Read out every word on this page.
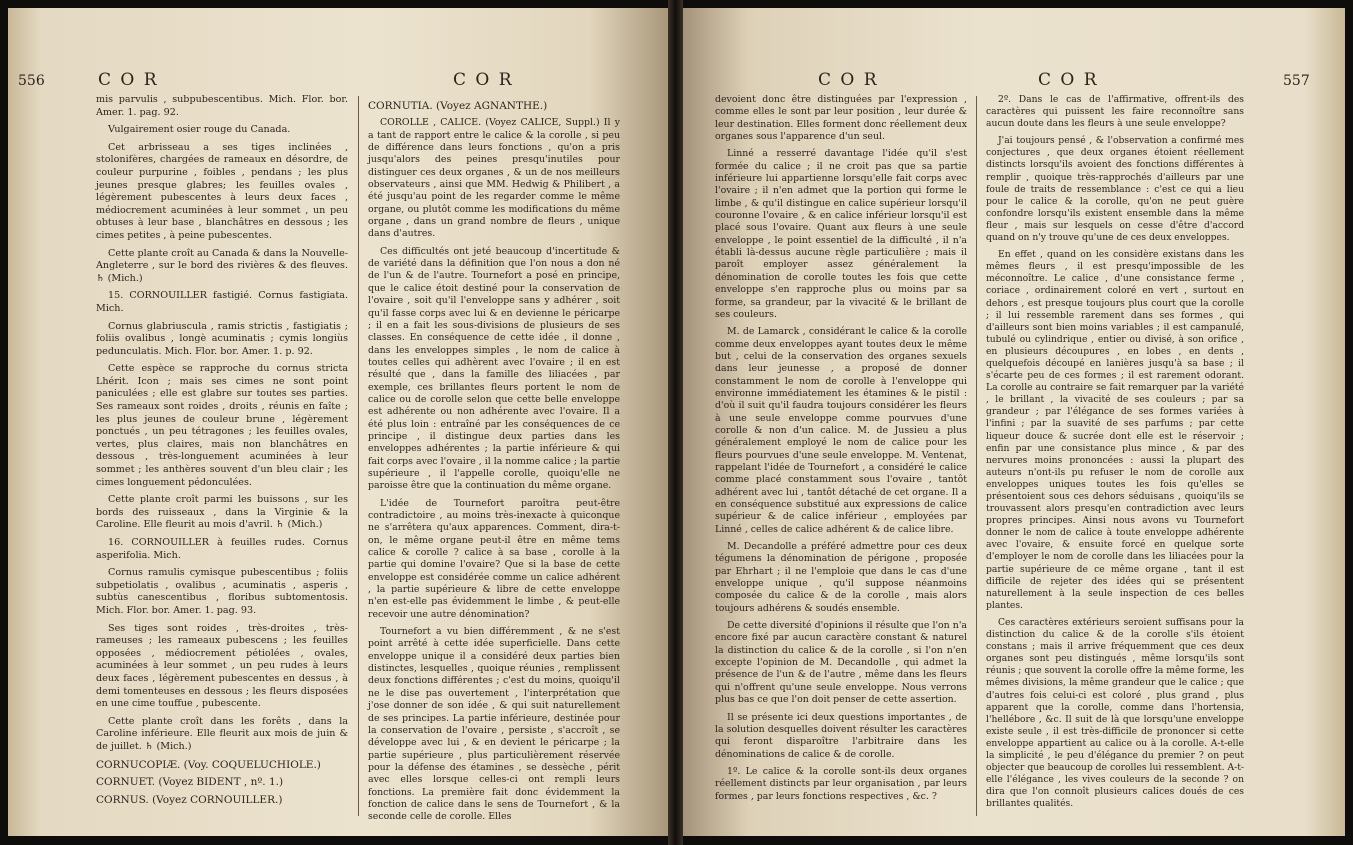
556	C O R	C O R

mis parvulis , subpubescentibus. Mich. Flor. bor. Amer. 1. pag. 92.

Vulgairement osier rouge du Canada.

Cet arbrisseau a ses tiges inclinées , stolonifères, chargées de rameaux en désordre, de couleur purpurine , foibles , pendans ; les plus jeunes presque glabres; les feuilles ovales , légèrement pubescentes à leurs deux faces , médiocrement acuminées à leur sommet , un peu obtuses à leur base , blanchâtres en dessous ; les cimes petites , à peine pubescentes.

Cette plante croît au Canada & dans la Nouvelle-Angleterre , sur le bord des rivières & des fleuves. ♄ (Mich.)

15. CORNOUILLER fastigié. Cornus fastigiata. Mich.

Cornus glabriuscula , ramis strictis , fastigiatis ; foliis ovalibus , longè acuminatis ; cymis longiùs pedunculatis. Mich. Flor. bor. Amer. 1. p. 92.

Cette espèce se rapproche du cornus stricta Lhérit. Icon ; mais ses cimes ne sont point paniculées ; elle est glabre sur toutes ses parties. Ses rameaux sont roides , droits , réunis en faîte ; les plus jeunes de couleur brune , légèrement ponctués , un peu tétragones ; les feuilles ovales, vertes, plus claires, mais non blanchâtres en dessous , très-longuement acuminées à leur sommet ; les anthères souvent d'un bleu clair ; les cimes longuement pédonculées.

Cette plante croît parmi les buissons , sur les bords des ruisseaux , dans la Virginie & la Caroline. Elle fleurit au mois d'avril. ♄ (Mich.)

16. CORNOUILLER à feuilles rudes. Cornus asperifolia. Mich.

Cornus ramulis cymisque pubescentibus ; foliis subpetiolatis , ovalibus , acuminatis , asperis , subtùs canescentibus , floribus subtomentosis. Mich. Flor. bor. Amer. 1. pag. 93.

Ses tiges sont roides , très-droites , très-rameuses ; les rameaux pubescens ; les feuilles opposées , médiocrement pétiolées , ovales, acuminées à leur sommet , un peu rudes à leurs deux faces , légèrement pubescentes en dessus , à demi tomenteuses en dessous ; les fleurs disposées en une cime touffue , pubescente.

Cette plante croît dans les forêts , dans la Caroline inférieure. Elle fleurit aux mois de juin & de juillet. ♄ (Mich.)

CORNUCOPIÆ. (Voy. COQUELUCHIOLE.)

CORNUET. (Voyez BIDENT , nº. 1.)

CORNUS. (Voyez CORNOUILLER.)

CORNUTIA. (Voyez AGNANTHE.)

COROLLE , CALICE. (Voyez CALICE, Suppl.) Il y a tant de rapport entre le calice & la corolle , si peu de différence dans leurs fonctions , qu'on a pris jusqu'alors des peines presqu'inutiles pour distinguer ces deux organes , & un de nos meilleurs observateurs , ainsi que MM. Hedwig & Philibert , a été jusqu'au point de les regarder comme le même organe, ou plutôt comme les modifications du même organe , dans un grand nombre de fleurs , unique dans d'autres.

Ces difficultés ont jeté beaucoup d'incertitude & de variété dans la définition que l'on nous a don né de l'un & de l'autre. Tournefort a posé en principe, que le calice étoit destiné pour la conservation de l'ovaire , soit qu'il l'enveloppe sans y adhérer , soit qu'il fasse corps avec lui & en devienne le péricarpe ; il en a fait les sous-divisions de plusieurs de ses classes. En conséquence de cette idée , il donne , dans les enveloppes simples , le nom de calice à toutes celles qui adhèrent avec l'ovaire ; il en est résulté que , dans la famille des liliacées , par exemple, ces brillantes fleurs portent le nom de calice ou de corolle selon que cette belle enveloppe est adhérente ou non adhérente avec l'ovaire. Il a été plus loin : entraîné par les conséquences de ce principe , il distingue deux parties dans les enveloppes adhérentes ; la partie inférieure & qui fait corps avec l'ovaire , il la nomme calice ; la partie supérieure , il l'appelle corolle, quoiqu'elle ne paroisse être que la continuation du même organe.

L'idée de Tournefort paroîtra peut-être contradictoire , au moins très-inexacte à quiconque ne s'arrêtera qu'aux apparences. Comment, dira-t-on, le même organe peut-il être en même tems calice & corolle ? calice à sa base , corolle à la partie qui domine l'ovaire? Que si la base de cette enveloppe est considérée comme un calice adhérent , la partie supérieure & libre de cette enveloppe n'en est-elle pas évidemment le limbe , & peut-elle recevoir une autre dénomination?

Tournefort a vu bien différemment , & ne s'est point arrêté à cette idée superficielle. Dans cette enveloppe unique il a considéré deux parties bien distinctes, lesquelles , quoique réunies , remplissent deux fonctions différentes ; c'est du moins, quoiqu'il ne le dise pas ouvertement , l'interprétation que j'ose donner de son idée , & qui suit naturellement de ses principes. La partie inférieure, destinée pour la conservation de l'ovaire , persiste , s'accroît , se développe avec lui , & en devient le péricarpe ; la partie supérieure , plus particulièrement réservée pour la défense des étamines , se dessèche , périt avec elles lorsque celles-ci ont rempli leurs fonctions. La première fait donc évidemment la fonction de calice dans le sens de Tournefort , & la seconde celle de corolle. Elles

C O R	C O R	557

devoient donc être distinguées par l'expression , comme elles le sont par leur position , leur durée & leur destination. Elles forment donc réellement deux organes sous l'apparence d'un seul.

Linné a resserré davantage l'idée qu'il s'est formée du calice ; il ne croit pas que sa partie inférieure lui appartienne lorsqu'elle fait corps avec l'ovaire ; il n'en admet que la portion qui forme le limbe , & qu'il distingue en calice supérieur lorsqu'il couronne l'ovaire , & en calice inférieur lorsqu'il est placé sous l'ovaire. Quant aux fleurs à une seule enveloppe , le point essentiel de la difficulté , il n'a établi là-dessus aucune règle particulière ; mais il paroît employer assez généralement la dénomination de corolle toutes les fois que cette enveloppe s'en rapproche plus ou moins par sa forme, sa grandeur, par la vivacité & le brillant de ses couleurs.

M. de Lamarck , considérant le calice & la corolle comme deux enveloppes ayant toutes deux le même but , celui de la conservation des organes sexuels dans leur jeunesse , a proposé de donner constamment le nom de corolle à l'enveloppe qui environne immédiatement les étamines & le pistil : d'où il suit qu'il faudra toujours considérer les fleurs à une seule enveloppe comme pourvues d'une corolle & non d'un calice. M. de Jussieu a plus généralement employé le nom de calice pour les fleurs pourvues d'une seule enveloppe. M. Ventenat, rappelant l'idée de Tournefort , a considéré le calice comme placé constamment sous l'ovaire , tantôt adhérent avec lui , tantôt détaché de cet organe. Il a en conséquence substitué aux expressions de calice supérieur & de calice inférieur , employées par Linné , celles de calice adhérent & de calice libre.

M. Decandolle a préféré admettre pour ces deux tégumens la dénomination de périgone , proposée par Ehrhart ; il ne l'emploie que dans le cas d'une enveloppe unique , qu'il suppose néanmoins composée du calice & de la corolle , mais alors toujours adhérens & soudés ensemble.

De cette diversité d'opinions il résulte que l'on n'a encore fixé par aucun caractère constant & naturel la distinction du calice & de la corolle , si l'on n'en excepte l'opinion de M. Decandolle , qui admet la présence de l'un & de l'autre , même dans les fleurs qui n'offrent qu'une seule enveloppe. Nous verrons plus bas ce que l'on doit penser de cette assertion.

Il se présente ici deux questions importantes , de la solution desquelles doivent résulter les caractères qui feront disparoître l'arbitraire dans les dénominations de calice & de corolle.

1º. Le calice & la corolle sont-ils deux organes réellement distincts par leur organisation , par leurs formes , par leurs fonctions respectives , &c. ?

2º. Dans le cas de l'affirmative, offrent-ils des caractères qui puissent les faire reconnoître sans aucun doute dans les fleurs à une seule enveloppe?

J'ai toujours pensé , & l'observation a confirmé mes conjectures , que deux organes étoient réellement distincts lorsqu'ils avoient des fonctions différentes à remplir , quoique très-rapprochés d'ailleurs par une foule de traits de ressemblance : c'est ce qui a lieu pour le calice & la corolle, qu'on ne peut guère confondre lorsqu'ils existent ensemble dans la même fleur , mais sur lesquels on cesse d'être d'accord quand on n'y trouve qu'une de ces deux enveloppes.

En effet , quand on les considère existans dans les mêmes fleurs , il est presqu'impossible de les méconnoître. Le calice , d'une consistance ferme , coriace , ordinairement coloré en vert , surtout en dehors , est presque toujours plus court que la corolle ; il lui ressemble rarement dans ses formes , qui d'ailleurs sont bien moins variables ; il est campanulé, tubulé ou cylindrique , entier ou divisé, à son orifice , en plusieurs découpures , en lobes , en dents , quelquefois découpé en lanières jusqu'à sa base ; il s'écarte peu de ces formes ; il est rarement odorant. La corolle au contraire se fait remarquer par la variété , le brillant , la vivacité de ses couleurs ; par sa grandeur ; par l'élégance de ses formes variées à l'infini ; par la suavité de ses parfums ; par cette liqueur douce & sucrée dont elle est le réservoir ; enfin par une consistance plus mince , & par des nervures moins prononcées : aussi la plupart des auteurs n'ont-ils pu refuser le nom de corolle aux enveloppes uniques toutes les fois qu'elles se présentoient sous ces dehors séduisans , quoiqu'ils se trouvassent alors presqu'en contradiction avec leurs propres principes. Ainsi nous avons vu Tournefort donner le nom de calice à toute enveloppe adhérente avec l'ovaire, & ensuite forcé en quelque sorte d'employer le nom de corolle dans les liliacées pour la partie supérieure de ce même organe , tant il est difficile de rejeter des idées qui se présentent naturellement à la seule inspection de ces belles plantes.

Ces caractères extérieurs seroient suffisans pour la distinction du calice & de la corolle s'ils étoient constans ; mais il arrive fréquemment que ces deux organes sont peu distingués , même lorsqu'ils sont réunis ; que souvent la corolle offre la même forme, les mêmes divisions, la même grandeur que le calice ; que d'autres fois celui-ci est coloré , plus grand , plus apparent que la corolle, comme dans l'hortensia, l'hellébore , &c. Il suit de là que lorsqu'une enveloppe existe seule , il est très-difficile de prononcer si cette enveloppe appartient au calice ou à la corolle. A-t-elle la simplicité , le peu d'élégance du premier ? on peut objecter que beaucoup de corolles lui ressemblent. A-t-elle l'élégance , les vives couleurs de la seconde ? on dira que l'on connoît plusieurs calices doués de ces brillantes qualités.
